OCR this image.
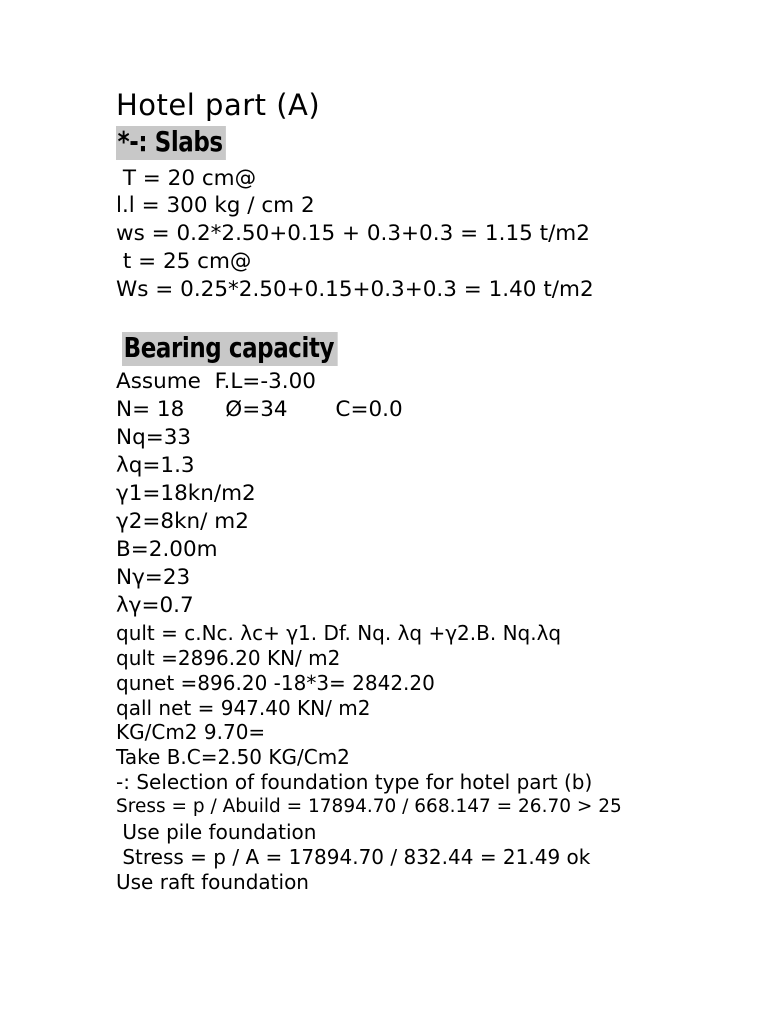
Hotel part (A)
*-: Slabs
T = 20 cm@
l.l = 300 kg / cm 2
ws = 0.2*2.50+0.15 + 0.3+0.3 = 1.15 t/m2
t = 25 cm@
Ws = 0.25*2.50+0.15+0.3+0.3 = 1.40 t/m2
Bearing capacity
Assume  F.L=-3.00
N= 18      Ø=34       C=0.0
Nq=33
λq=1.3
γ1=18kn/m2
γ2=8kn/ m2
B=2.00m
Nγ=23
λγ=0.7
qult = c.Nc. λc+ γ1. Df. Nq. λq +γ2.B. Nq.λq
qult =2896.20 KN/ m2
qunet =896.20 -18*3= 2842.20
qall net = 947.40 KN/ m2
KG/Cm2 9.70=
Take B.C=2.50 KG/Cm2
-: Selection of foundation type for hotel part (b)
Sress = p / Abuild = 17894.70 / 668.147 = 26.70 > 25
Use pile foundation
Stress = p / A = 17894.70 / 832.44 = 21.49 ok
Use raft foundation
